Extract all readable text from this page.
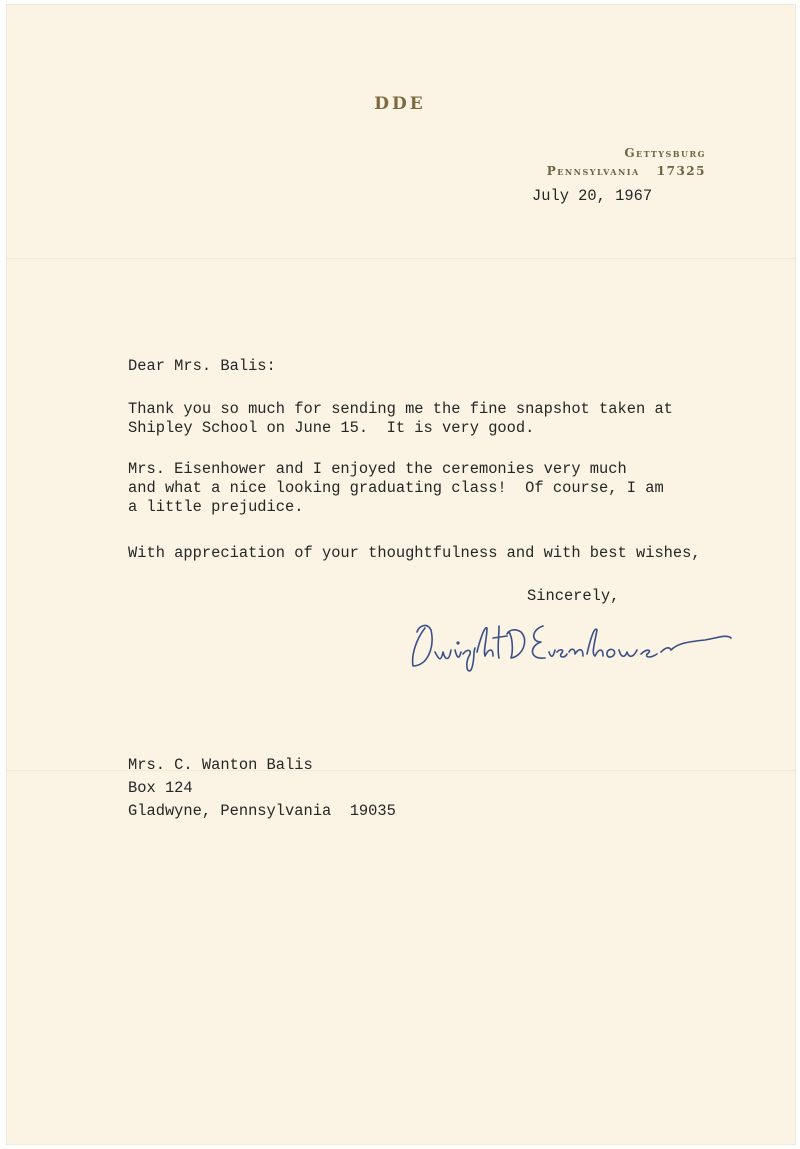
DDE
Gettysburg
Pennsylvania 17325
July 20, 1967
Dear Mrs. Balis:
Thank you so much for sending me the fine snapshot taken at
Shipley School on June 15.  It is very good.
Mrs. Eisenhower and I enjoyed the ceremonies very much
and what a nice looking graduating class!  Of course, I am
a little prejudice.
With appreciation of your thoughtfulness and with best wishes,
Sincerely,
Mrs. C. Wanton Balis
Box 124
Gladwyne, Pennsylvania 19035
